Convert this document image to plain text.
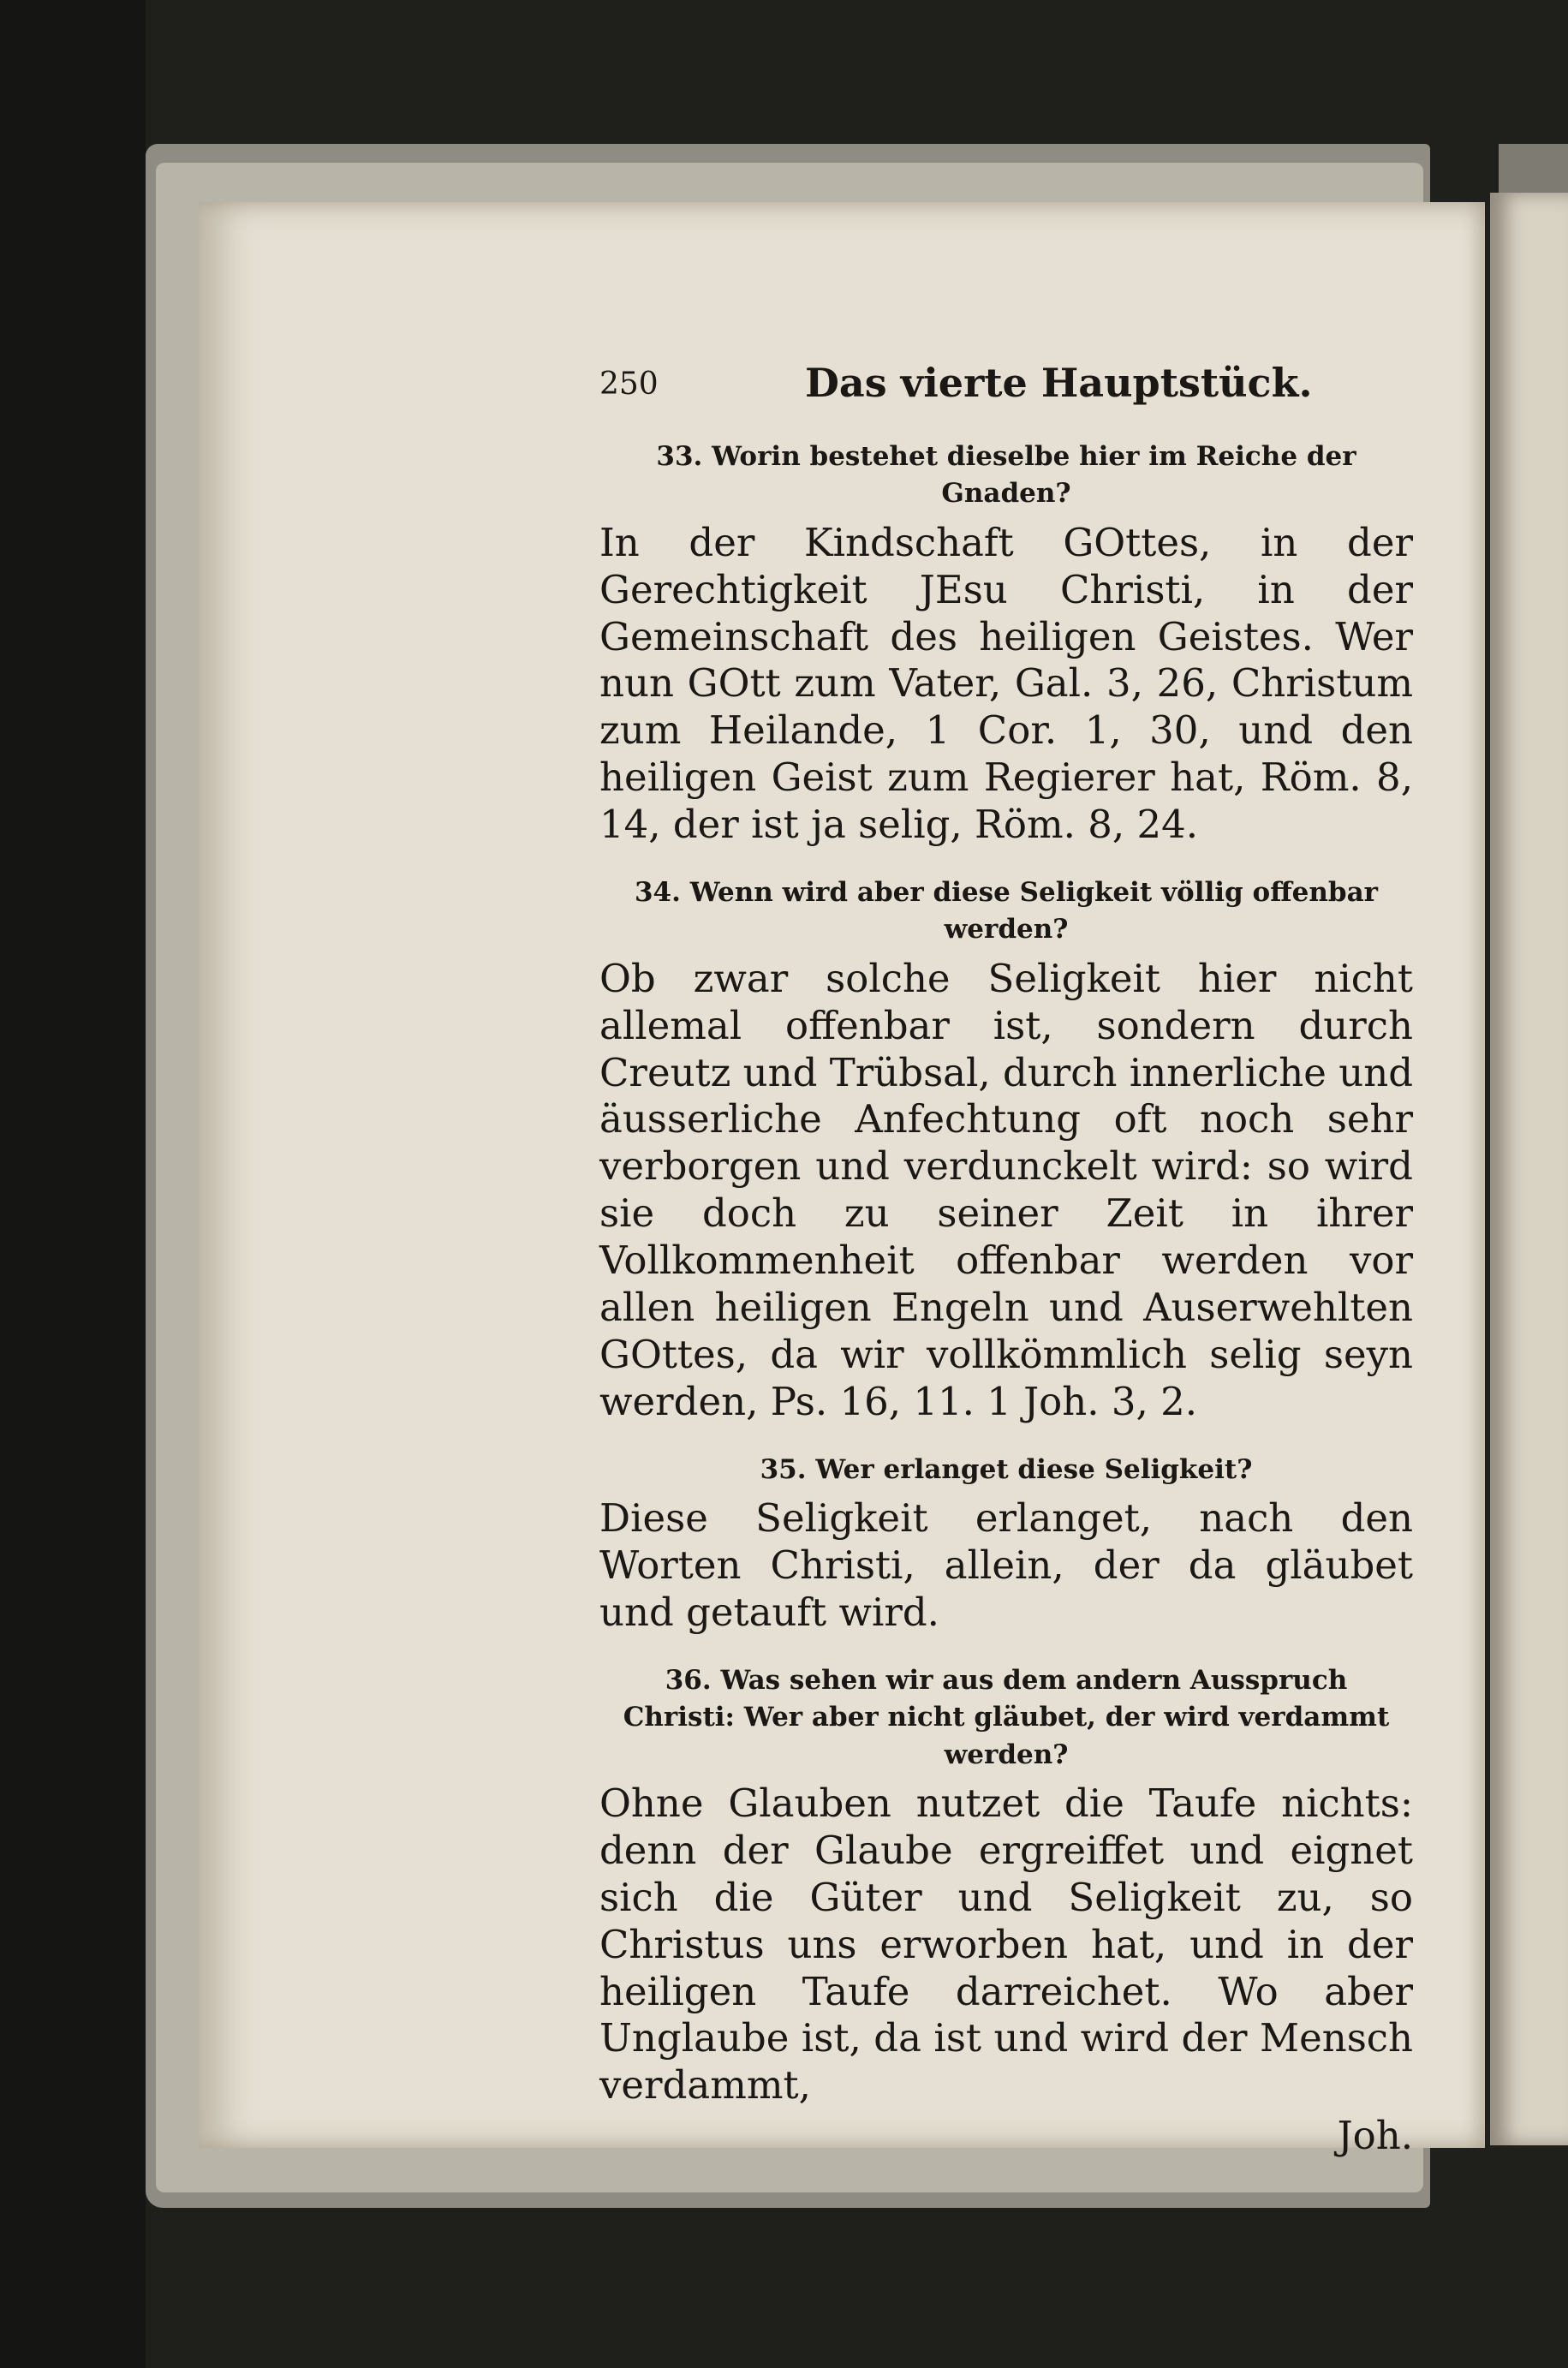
250	Das vierte Hauptstück.

33. Worin bestehet dieselbe hier im Reiche der Gnaden?

In der Kindschaft GOttes, in der Gerechtigkeit JEsu Christi, in der Gemeinschaft des heiligen Geistes. Wer nun GOtt zum Vater, Gal. 3, 26, Christum zum Heilande, 1 Cor. 1, 30, und den heiligen Geist zum Regierer hat, Röm. 8, 14, der ist ja selig, Röm. 8, 24.

34. Wenn wird aber diese Seligkeit völlig offenbar werden?

Ob zwar solche Seligkeit hier nicht allemal offenbar ist, sondern durch Creutz und Trübsal, durch innerliche und äusserliche Anfechtung oft noch sehr verborgen und verdunckelt wird: so wird sie doch zu seiner Zeit in ihrer Vollkommenheit offenbar werden vor allen heiligen Engeln und Auserwehlten GOttes, da wir vollkömmlich selig seyn werden, Ps. 16, 11. 1 Joh. 3, 2.

35. Wer erlanget diese Seligkeit?

Diese Seligkeit erlanget, nach den Worten Christi, allein, der da gläubet und getauft wird.

36. Was sehen wir aus dem andern Ausspruch Christi: Wer aber nicht gläubet, der wird verdammt werden?

Ohne Glauben nutzet die Taufe nichts: denn der Glaube ergreiffet und eignet sich die Güter und Seligkeit zu, so Christus uns erworben hat, und in der heiligen Taufe darreichet. Wo aber Unglaube ist, da ist und wird der Mensch verdammt,

Joh.
